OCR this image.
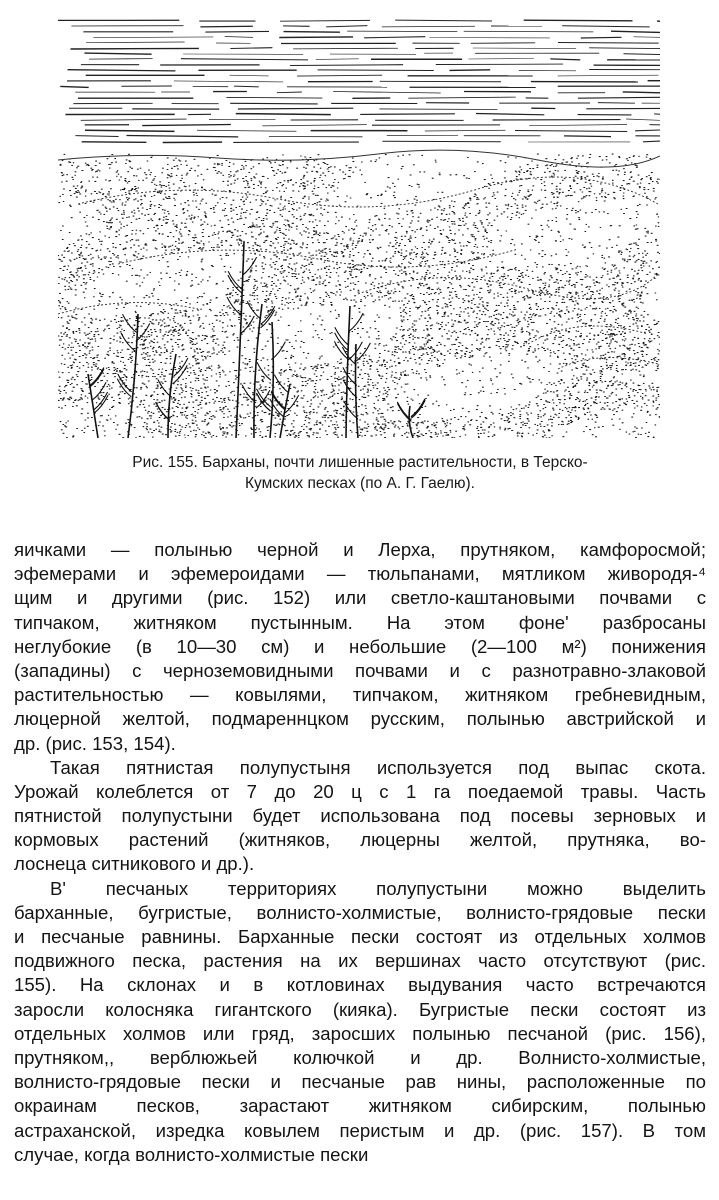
Рис. 155. Барханы, почти лишенные растительности, в Терско-
Кумских песках (по А. Г. Гаелю).
яичками — полынью черной и Лерха, прутняком, камфоросмой;
эфемерами и эфемероидами — тюльпанами, мятликом живородя-⁴
щим и другими (рис. 152) или светло-каштановыми почвами с
типчаком, житняком пустынным. На этом фоне' разбросаны
неглубокие (в 10—30 см) и небольшие (2—100 м²) понижения
(западины) с черноземовидными почвами и с разнотравно-злаковой
растительностью — ковылями, типчаком, житняком гребневидным,
люцерной желтой, подмареннцком русским, полынью австрийской и
др. (рис. 153, 154).
Такая пятнистая полупустыня используется под выпас скота.
Урожай колеблется от 7 до 20 ц с 1 га поедаемой травы. Часть
пятнистой полупустыни будет использована под посевы зерновых и
кормовых растений (житняков, люцерны желтой, прутняка, во-
лоснеца ситникового и др.).
В' песчаных территориях полупустыни можно выделить
барханные, бугристые, волнисто-холмистые, волнисто-грядовые пески
и песчаные равнины. Барханные пески состоят из отдельных холмов
подвижного песка, растения на их вершинах часто отсутствуют (рис.
155). На склонах и в котловинах выдувания часто встречаются
заросли колосняка гигантского (кияка). Бугристые пески состоят из
отдельных холмов или гряд, заросших полынью песчаной (рис. 156),
прутняком,, верблюжьей колючкой и др. Волнисто-холмистые,
волнисто-грядовые пески и песчаные рав нины, расположенные по
окраинам песков, зарастают житняком сибирским, полынью
астраханской, изредка ковылем перистым и др. (рис. 157). В том
случае, когда волнисто-холмистые пески
